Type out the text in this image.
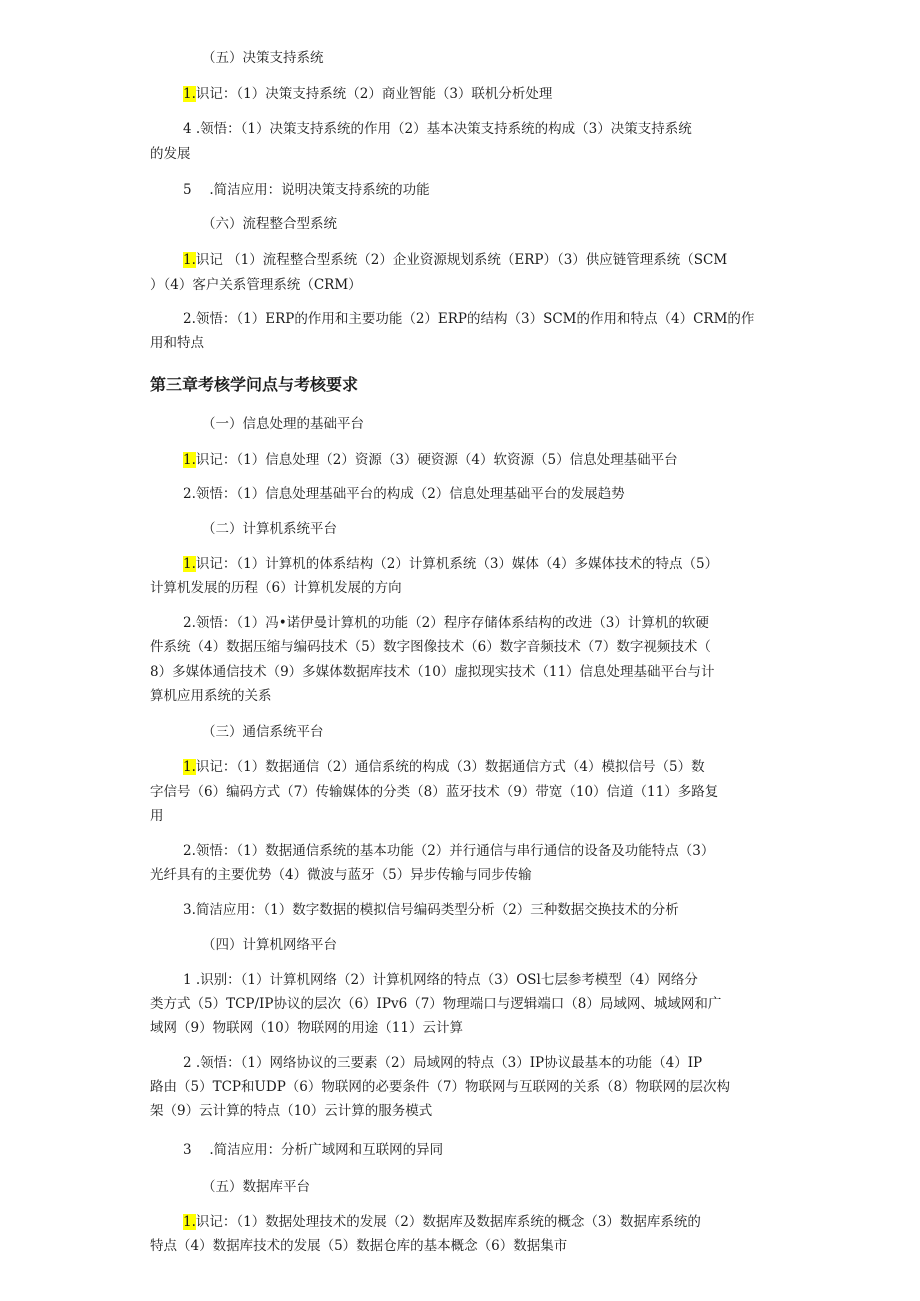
（五）决策支持系统
1.识记：（1）决策支持系统（2）商业智能（3）联机分析处理
4 .领悟：（1）决策支持系统的作用（2）基本决策支持系统的构成（3）决策支持系统
的发展
5　 .简洁应用：说明决策支持系统的功能
（六）流程整合型系统
1.识记 （1）流程整合型系统（2）企业资源规划系统（ERP）（3）供应链管理系统（SCM
）（4）客户关系管理系统（CRM）
2.领悟：（1）ERP的作用和主要功能（2）ERP的结构（3）SCM的作用和特点（4）CRM的作
用和特点
第三章考核学问点与考核要求
（一）信息处理的基础平台
1.识记：（1）信息处理（2）资源（3）硬资源（4）软资源（5）信息处理基础平台
2.领悟：（1）信息处理基础平台的构成（2）信息处理基础平台的发展趋势
（二）计算机系统平台
1.识记：（1）计算机的体系结构（2）计算机系统（3）媒体（4）多媒体技术的特点（5）
计算机发展的历程（6）计算机发展的方向
2.领悟：（1）冯•诺伊曼计算机的功能（2）程序存储体系结构的改进（3）计算机的软硬
件系统（4）数据压缩与编码技术（5）数字图像技术（6）数字音频技术（7）数字视频技术（
8）多媒体通信技术（9）多媒体数据库技术（10）虚拟现实技术（11）信息处理基础平台与计
算机应用系统的关系
（三）通信系统平台
1.识记：（1）数据通信（2）通信系统的构成（3）数据通信方式（4）模拟信号（5）数
字信号（6）编码方式（7）传输媒体的分类（8）蓝牙技术（9）带宽（10）信道（11）多路复
用
2.领悟：（1）数据通信系统的基本功能（2）并行通信与串行通信的设备及功能特点（3）
光纤具有的主要优势（4）微波与蓝牙（5）异步传输与同步传输
3.简洁应用：（1）数字数据的模拟信号编码类型分析（2）三种数据交换技术的分析
（四）计算机网络平台
1 .识别：（1）计算机网络（2）计算机网络的特点（3）OSl七层参考模型（4）网络分
类方式（5）TCP/IP协议的层次（6）IPv6（7）物理端口与逻辑端口（8）局域网、城域网和广
域网（9）物联网（10）物联网的用途（11）云计算
2 .领悟：（1）网络协议的三要素（2）局域网的特点（3）IP协议最基本的功能（4）IP
路由（5）TCP和UDP（6）物联网的必要条件（7）物联网与互联网的关系（8）物联网的层次构
架（9）云计算的特点（10）云计算的服务模式
3　 .简洁应用：分析广域网和互联网的异同
（五）数据库平台
1.识记：（1）数据处理技术的发展（2）数据库及数据库系统的概念（3）数据库系统的
特点（4）数据库技术的发展（5）数据仓库的基本概念（6）数据集市
